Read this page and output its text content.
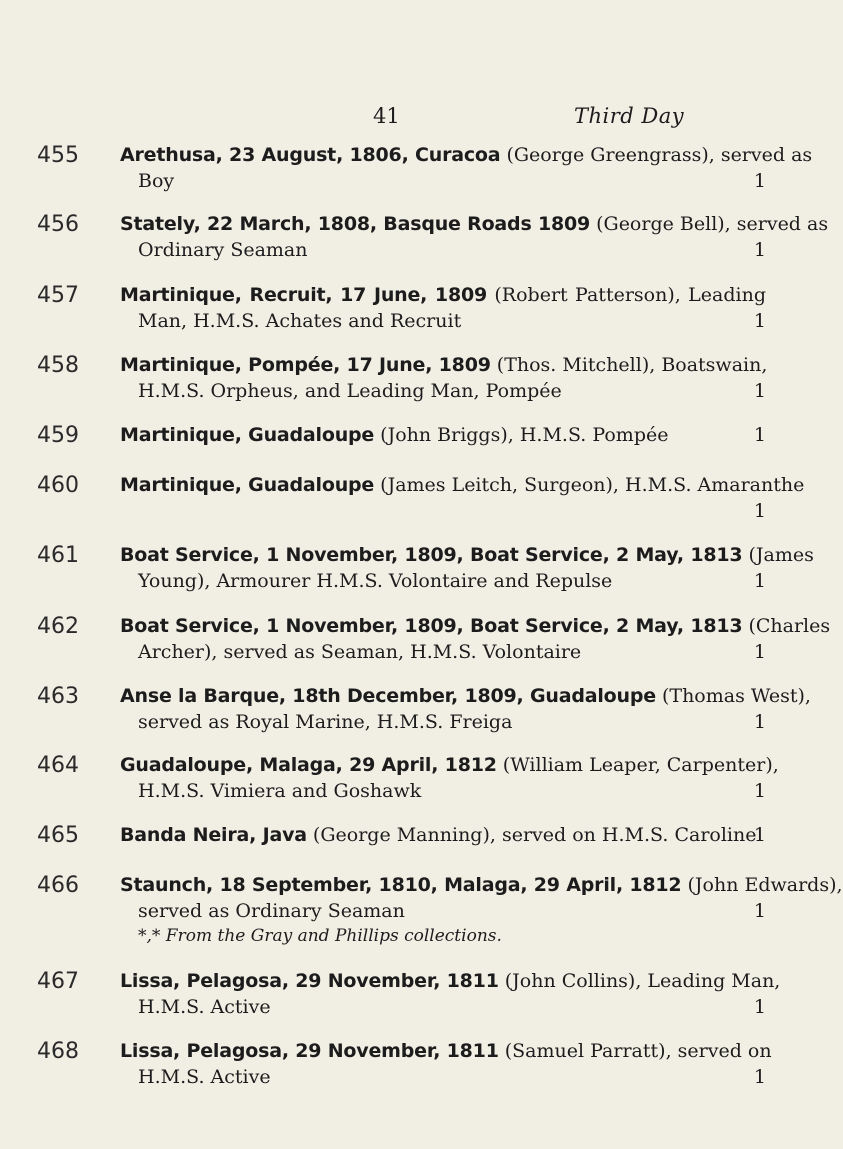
41	Third Day
455 Arethusa, 23 August, 1806, Curacoa (George Greengrass), served as
Boy	1
456 Stately, 22 March, 1808, Basque Roads 1809 (George Bell), served as
Ordinary Seaman	1
457 Martinique, Recruit, 17 June, 1809 (Robert Patterson), Leading
Man, H.M.S. Achates and Recruit	1
458 Martinique, Pompée, 17 June, 1809 (Thos. Mitchell), Boatswain,
H.M.S. Orpheus, and Leading Man, Pompée	1
459 Martinique, Guadaloupe (John Briggs), H.M.S. Pompée	1
460 Martinique, Guadaloupe (James Leitch, Surgeon), H.M.S. Amaranthe
1
461 Boat Service, 1 November, 1809, Boat Service, 2 May, 1813 (James
Young), Armourer H.M.S. Volontaire and Repulse	1
462 Boat Service, 1 November, 1809, Boat Service, 2 May, 1813 (Charles
Archer), served as Seaman, H.M.S. Volontaire	1
463 Anse la Barque, 18th December, 1809, Guadaloupe (Thomas West),
served as Royal Marine, H.M.S. Freiga	1
464 Guadaloupe, Malaga, 29 April, 1812 (William Leaper, Carpenter),
H.M.S. Vimiera and Goshawk	1
465 Banda Neira, Java (George Manning), served on H.M.S. Caroline
1
466 Staunch, 18 September, 1810, Malaga, 29 April, 1812 (John Edwards),
served as Ordinary Seaman	1
*,* From the Gray and Phillips collections.
467 Lissa, Pelagosa, 29 November, 1811 (John Collins), Leading Man,
H.M.S. Active	1
468 Lissa, Pelagosa, 29 November, 1811 (Samuel Parratt), served on
H.M.S. Active	1
